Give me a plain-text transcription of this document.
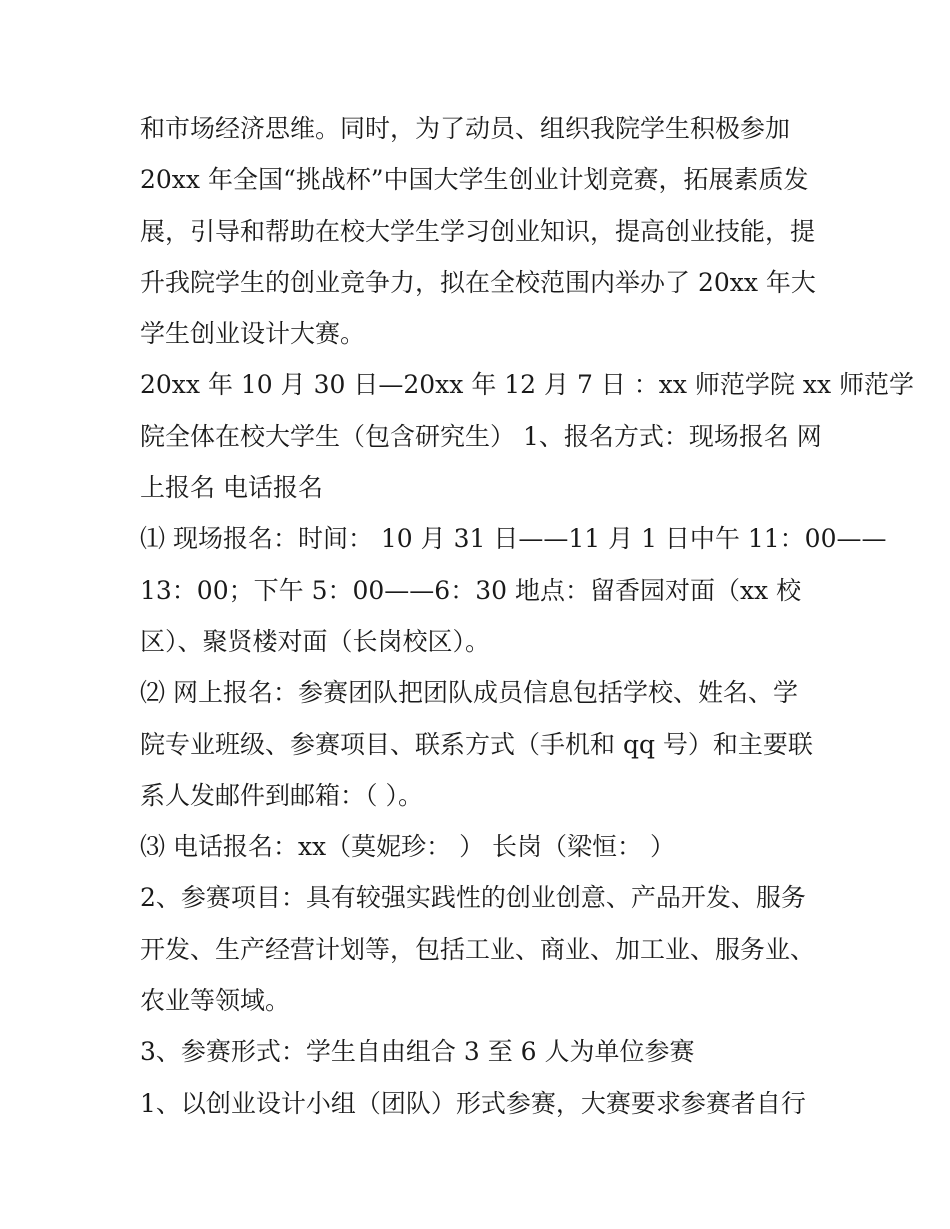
和市场经济思维。同时，为了动员、组织我院学生积极参加
20xx 年全国“挑战杯”中国大学生创业计划竞赛，拓展素质发
展，引导和帮助在校大学生学习创业知识，提高创业技能，提
升我院学生的创业竞争力，拟在全校范围内举办了 20xx 年大
学生创业设计大赛。
20xx 年 10 月 30 日—20xx 年 12 月 7 日 ：xx 师范学院 xx 师范学
院全体在校大学生（包含研究生） 1、报名方式：现场报名 网
上报名 电话报名
⑴ 现场报名：时间： 10 月 31 日——11 月 1 日中午 11：00——
13：00；下午 5：00——6：30 地点：留香园对面（xx 校
区）、聚贤楼对面（长岗校区）。
⑵ 网上报名：参赛团队把团队成员信息包括学校、姓名、学
院专业班级、参赛项目、联系方式（手机和 qq 号）和主要联
系人发邮件到邮箱：（ ）。
⑶ 电话报名：xx（莫妮珍： ） 长岗（梁恒： ）
2、参赛项目：具有较强实践性的创业创意、产品开发、服务
开发、生产经营计划等，包括工业、商业、加工业、服务业、
农业等领域。
3、参赛形式：学生自由组合 3 至 6 人为单位参赛
1、以创业设计小组（团队）形式参赛，大赛要求参赛者自行
